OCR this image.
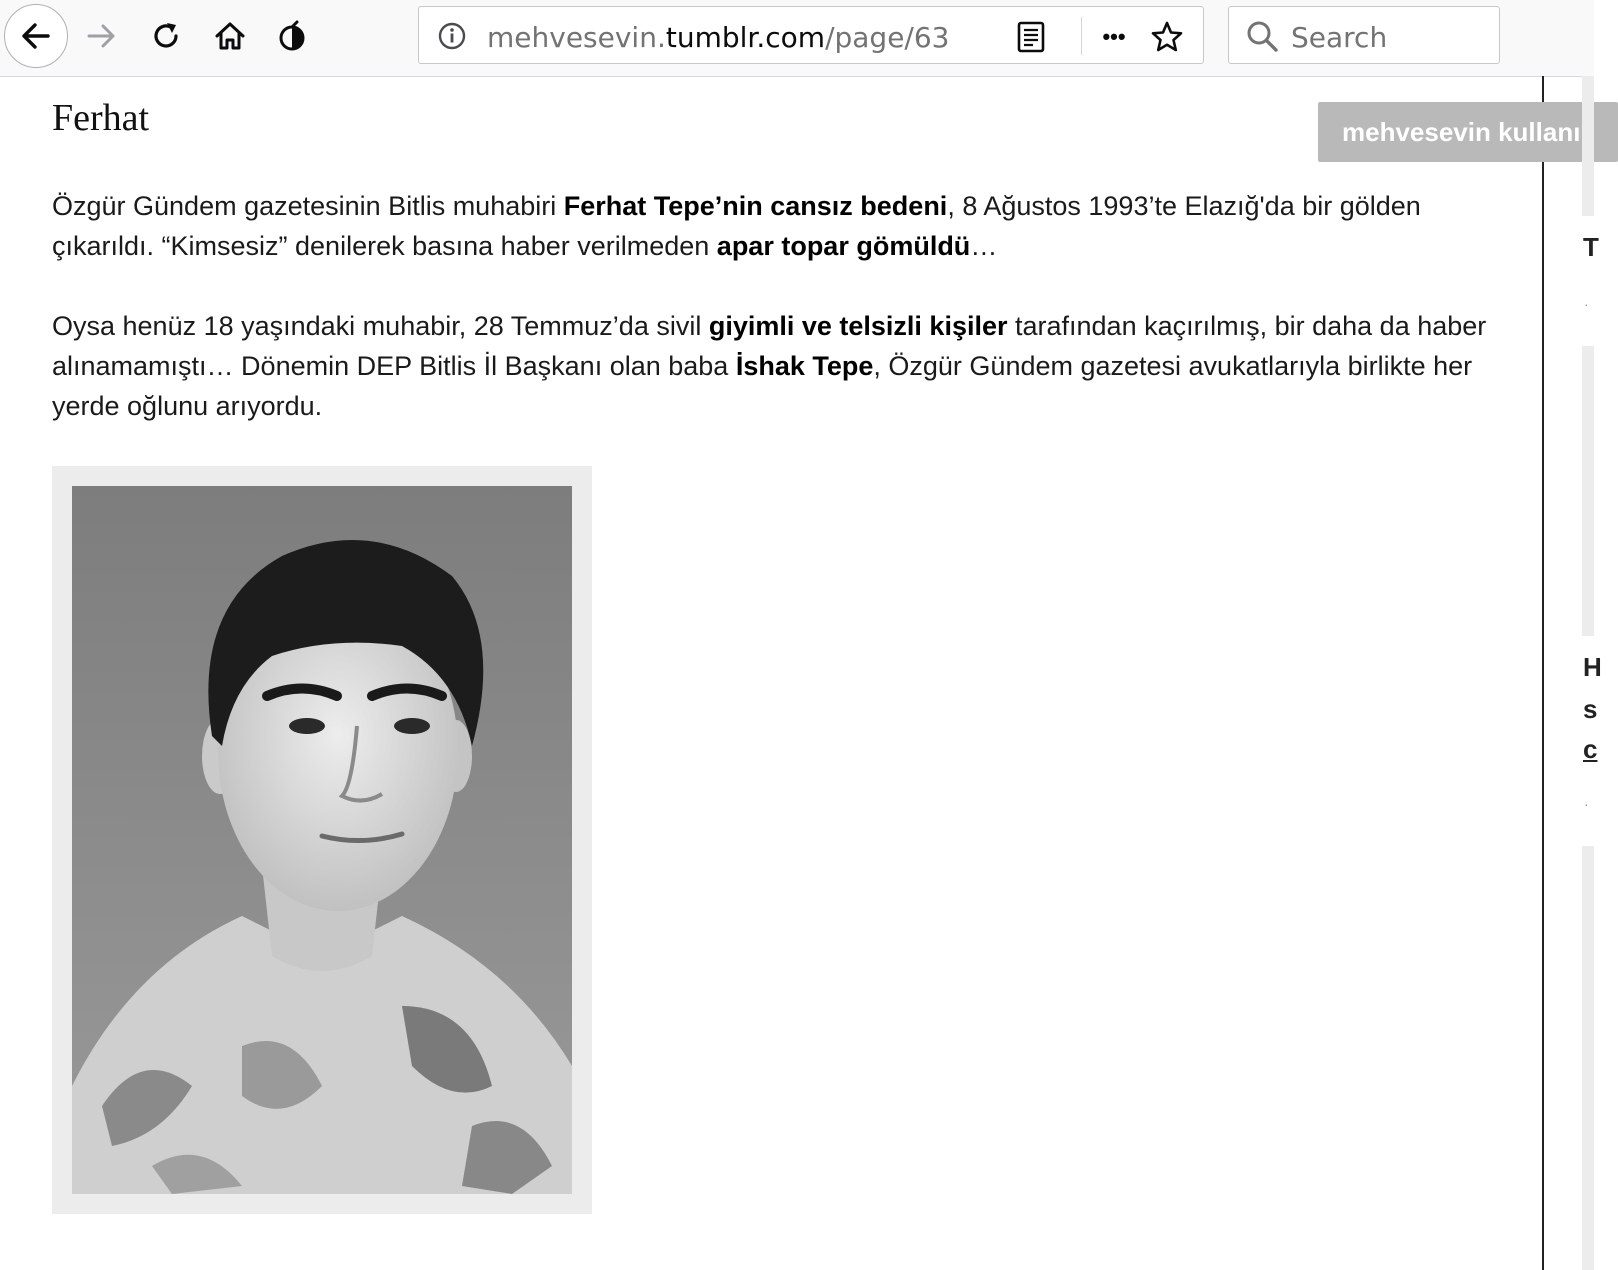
mehvesevin.tumblr.com/page/63	•••	Search
Ferhat

Özgür Gündem gazetesinin Bitlis muhabiri Ferhat Tepe’nin cansız bedeni, 8 Ağustos 1993’te Elazığ'da bir gölden çıkarıldı. “Kimsesiz” denilerek basına haber verilmeden apar topar gömüldü…

Oysa henüz 18 yaşındaki muhabir, 28 Temmuz’da sivil giyimli ve telsizli kişiler tarafından kaçırılmış, bir daha da haber alınamamıştı… Dönemin DEP Bitlis İl Başkanı olan baba İshak Tepe, Özgür Gündem gazetesi avukatlarıyla birlikte her yerde oğlunu arıyordu.

mehvesevin kullanı
T
·
H
s
c
·
